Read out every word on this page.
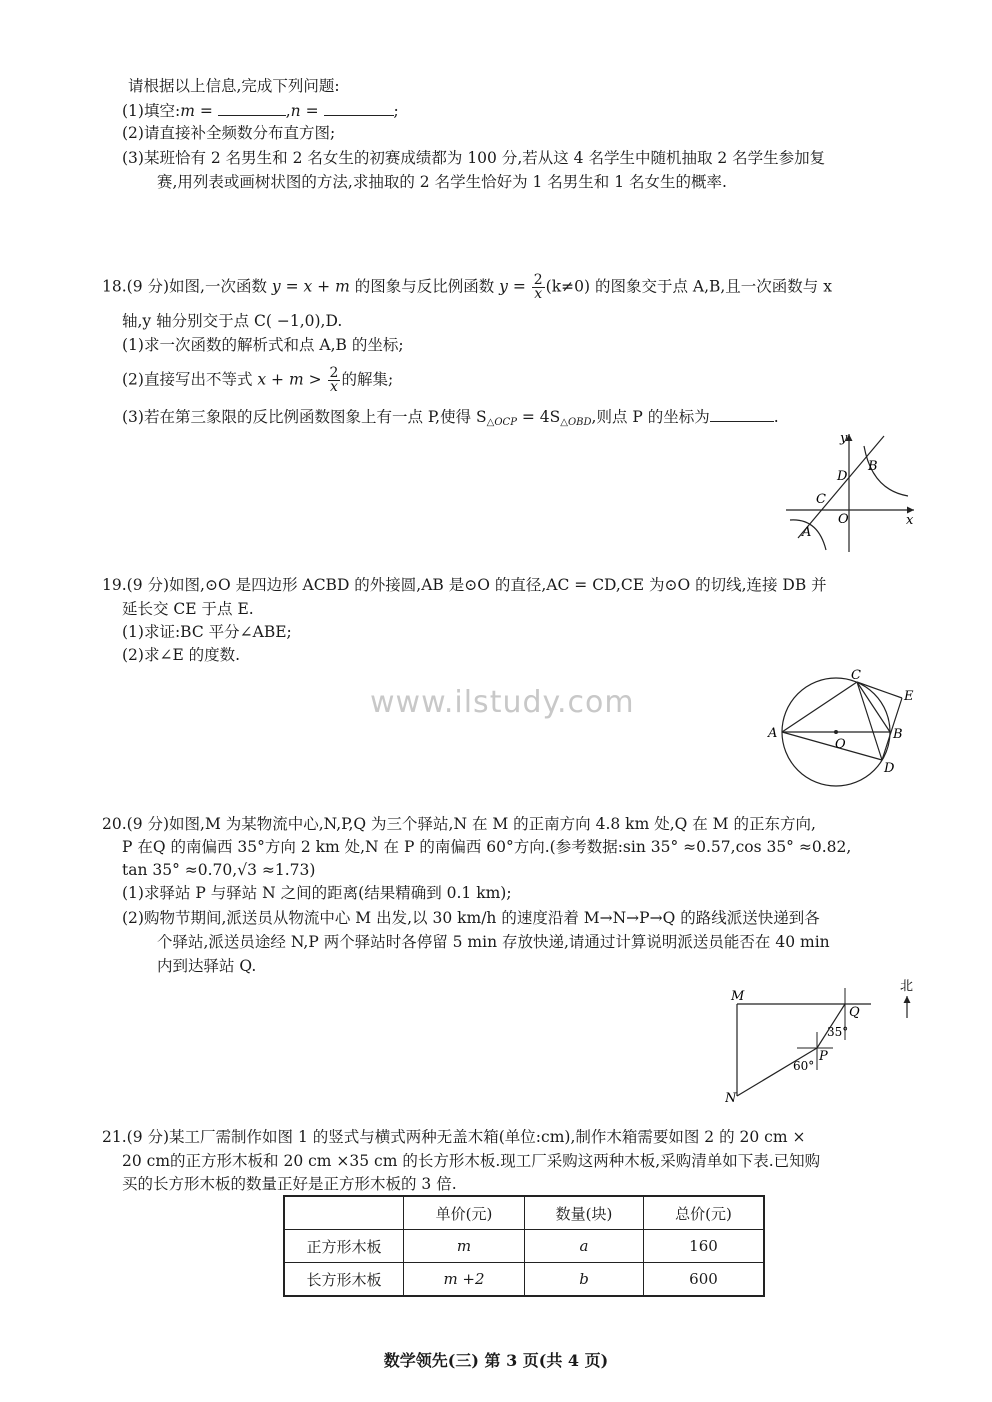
请根据以上信息,完成下列问题:
(1)填空:m =	,n =	;
(2)请直接补全频数分布直方图;
(3)某班恰有 2 名男生和 2 名女生的初赛成绩都为 100 分,若从这 4 名学生中随机抽取 2 名学生参加复
赛,用列表或画树状图的方法,求抽取的 2 名学生恰好为 1 名男生和 1 名女生的概率.
18.(9 分)如图,一次函数 y = x + m 的图象与反比例函数 $y = \frac{2}{x} (k\ne 0)$ 的图象交于点 A,B,且一次函数与 x
轴,y 轴分别交于点 C( −1,0),D.
(1)求一次函数的解析式和点 A,B 的坐标;
(2)直接写出不等式 $x + m > \frac{2}{x}$ 的解集;
(3)若在第三象限的反比例函数图象上有一点 P,使得 $S_{\triangle OCP} = 4S_{\triangle OBD}$,则点 P 的坐标为	.
y
x
B
D
C
O
A
19.(9 分)如图,⊙O 是四边形 ACBD 的外接圆,AB 是⊙O 的直径,AC = CD,CE 为⊙O 的切线,连接 DB 并
延长交 CE 于点 E.
(1)求证:BC 平分∠ABE;
(2)求∠E 的度数.
A	B
C
D
E
O
www.ilstudy.com
20.(9 分)如图,M 为某物流中心,N,P,Q 为三个驿站,N 在 M 的正南方向 4.8 km 处,Q 在 M 的正东方向,
P 在Q 的南偏西 35°方向 2 km 处,N 在 P 的南偏西 60°方向.(参考数据:sin 35° ≈0.57,cos 35° ≈0.82,
tan 35° ≈0.70,√3 ≈1.73)
(1)求驿站 P 与驿站 N 之间的距离(结果精确到 0.1 km);
(2)购物节期间,派送员从物流中心 M 出发,以 30 km/h 的速度沿着 M→N→P→Q 的路线派送快递到各
个驿站,派送员途经 N,P 两个驿站时各停留 5 min 存放快递,请通过计算说明派送员能否在 40 min
内到达驿站 Q.
M
N
P
Q
35°
60°
北
21.(9 分)某工厂需制作如图 1 的竖式与横式两种无盖木箱(单位:cm),制作木箱需要如图 2 的 20 cm ×
20 cm的正方形木板和 20 cm ×35 cm 的长方形木板.现工厂采购这两种木板,采购清单如下表.已知购
买的长方形木板的数量正好是正方形木板的 3 倍.
	单价(元)	数量(块)	总价(元)
正方形木板	m	a	160
长方形木板	m +2	b	600
数学领先(三) 第 3 页(共 4 页)
